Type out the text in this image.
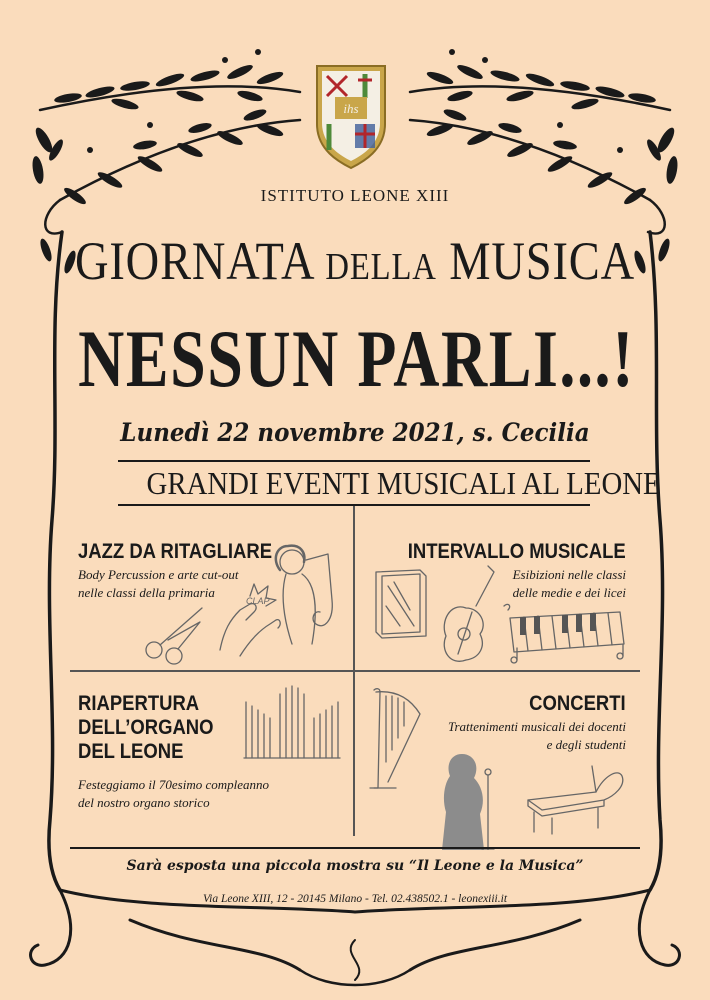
ihs
ihs
ISTITUTO LEONE XIII
GIORNATA DELLA MUSICA
NESSUN PARLI...!
Lunedì 22 novembre 2021, s. Cecilia
GRANDI EVENTI MUSICALI AL LEONE
JAZZ DA RITAGLIARE
Body Percussion e arte cut-out
nelle classi della primaria
CLAP
INTERVALLO MUSICALE
Esibizioni nelle classi
delle medie e dei licei
RIAPERTURA
DELL’ORGANO
DEL LEONE
Festeggiamo il 70esimo compleanno
del nostro organo storico
CONCERTI
Trattenimenti musicali dei docenti
e degli studenti
Sarà esposta una piccola mostra su “Il Leone e la Musica”
Via Leone XIII, 12 - 20145 Milano - Tel. 02.438502.1 - leonexiii.it
